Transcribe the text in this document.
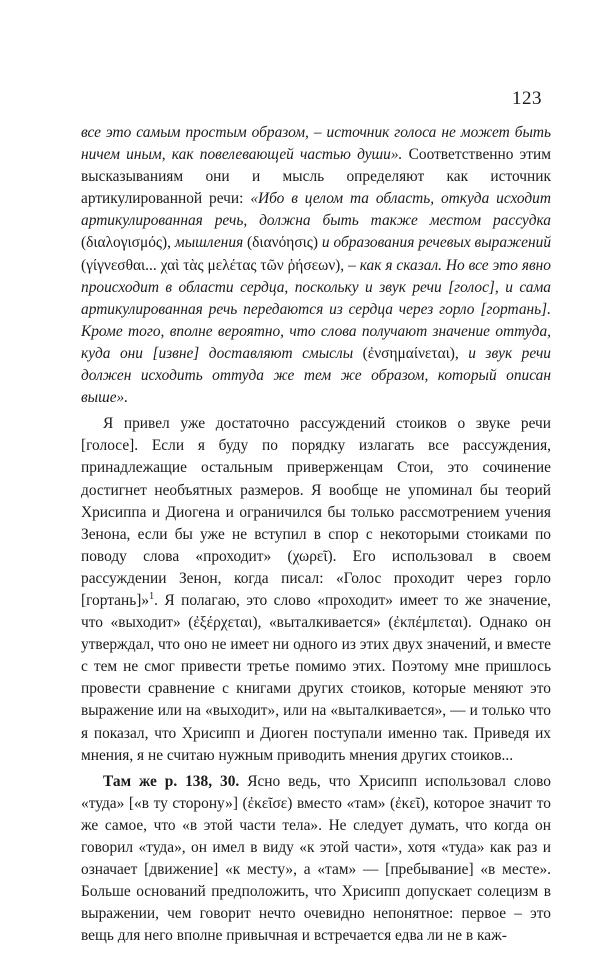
123

все это самым простым образом, – источник голоса не может быть ничем иным, как повелевающей частью души». Соответственно этим высказываниям они и мысль определяют как источник артикулированной речи: «Ибо в целом та область, откуда исходит артикулированная речь, должна быть также местом рассудка (διαλογισμός), мышления (διανόησις) и образования речевых выражений (γίγνεσθαι... χαὶ τὰς μελέτας τῶν ῥήσεων), – как я сказал. Но все это явно происходит в области сердца, поскольку и звук речи [голос], и сама артикулированная речь передаются из сердца через горло [гортань]. Кроме того, вполне вероятно, что слова получают значение оттуда, куда они [извне] доставляют смыслы (ἐνσημαίνεται), и звук речи должен исходить оттуда же тем же образом, который описан выше».

Я привел уже достаточно рассуждений стоиков о звуке речи [голосе]. Если я буду по порядку излагать все рассуждения, принадлежащие остальным приверженцам Стои, это сочинение достигнет необъятных размеров. Я вообще не упоминал бы теорий Хрисиппа и Диогена и ограничился бы только рассмотрением учения Зенона, если бы уже не вступил в спор с некоторыми стоиками по поводу слова «проходит» (χωρεῖ). Его использовал в своем рассуждении Зенон, когда писал: «Голос проходит через горло [гортань]»$^1$. Я полагаю, это слово «проходит» имеет то же значение, что «выходит» (ἐξέρχεται), «выталкивается» (ἐκπέμπεται). Однако он утверждал, что оно не имеет ни одного из этих двух значений, и вместе с тем не смог привести третье помимо этих. Поэтому мне пришлось провести сравнение с книгами других стоиков, которые меняют это выражение или на «выходит», или на «выталкивается», — и только что я показал, что Хрисипп и Диоген поступали именно так. Приведя их мнения, я не считаю нужным приводить мнения других стоиков...

Там же р. 138, 30. Ясно ведь, что Хрисипп использовал слово «туда» [«в ту сторону»] (ἐκεῖσε) вместо «там» (ἐκεῖ), которое значит то же самое, что «в этой части тела». Не следует думать, что когда он говорил «туда», он имел в виду «к этой части», хотя «туда» как раз и означает [движение] «к месту», а «там» — [пребывание] «в месте». Больше оснований предположить, что Хрисипп допускает солецизм в выражении, чем говорит нечто очевидно непонятное: первое – это вещь для него вполне привычная и встречается едва ли не в каж-
